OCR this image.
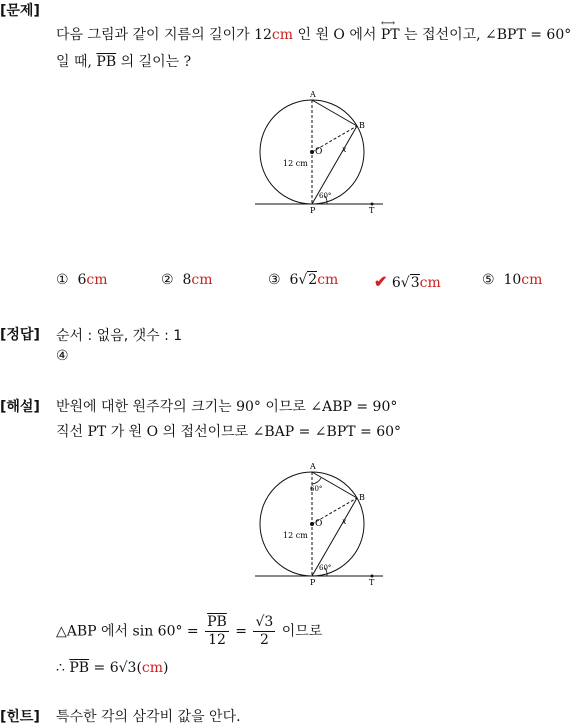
[문제]
다음 그림과 같이 지름의 길이가 12cm 인 원 O 에서
⟷
PT 는 접선이고, ∠BPT = 60°
일 때, $\overline{PB}$ 의 길이는 ?
A
B
O
P	T
x
12 cm
60°
① 6cm	② 8cm	③ 6√2cm ✔ 6√3cm	⑤ 10cm
[정답] 순서 : 없음, 갯수 : 1
④
[해설] 반원에 대한 원주각의 크기는 90° 이므로 ∠ABP = 90°
직선 PT 가 원 O 의 접선이므로 ∠BAP = ∠BPT = 60°
A
B
O
P	T
x
12 cm
60°
60°
△ABP 에서 $\sin 60^\circ = \frac{\overline{PB}}{12} = \frac{√3}{2}$ 이므로
∴ $\overline{PB} = 6√3(cm)$
[힌트] 특수한 각의 삼각비 값을 안다.
